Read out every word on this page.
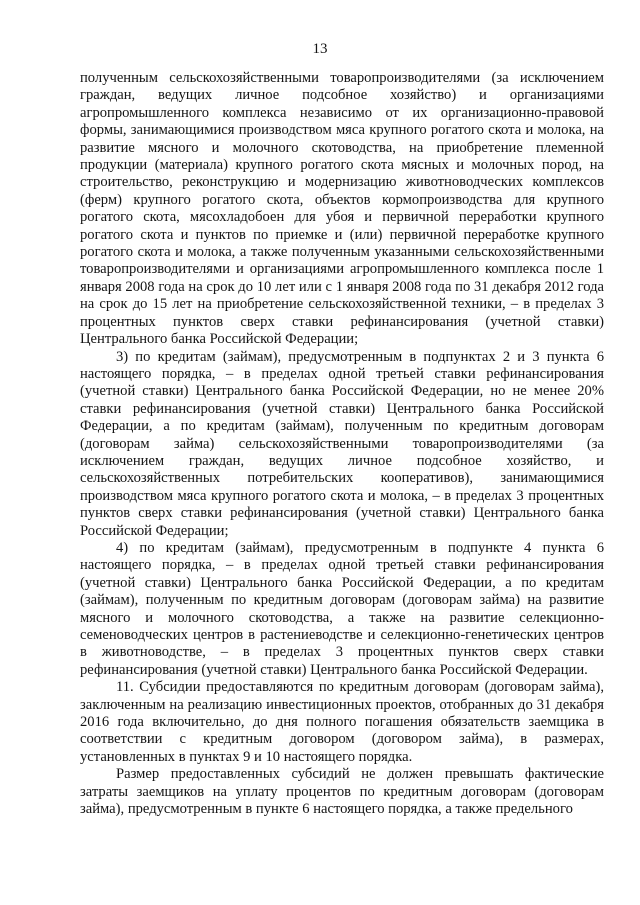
13

полученным сельскохозяйственными товаропроизводителями (за исключением граждан, ведущих личное подсобное хозяйство) и организациями агропромышленного комплекса независимо от их организационно-правовой формы, занимающимися производством мяса крупного рогатого скота и молока, на развитие мясного и молочного скотоводства, на приобретение племенной продукции (материала) крупного рогатого скота мясных и молочных пород, на строительство, реконструкцию и модернизацию животноводческих комплексов (ферм) крупного рогатого скота, объектов кормопроизводства для крупного рогатого скота, мясохладобоен для убоя и первичной переработки крупного рогатого скота и пунктов по приемке и (или) первичной переработке крупного рогатого скота и молока, а также полученным указанными сельскохозяйственными товаропроизводителями и организациями агропромышленного комплекса после 1 января 2008 года на срок до 10 лет или с 1 января 2008 года по 31 декабря 2012 года на срок до 15 лет на приобретение сельскохозяйственной техники, – в пределах 3 процентных пунктов сверх ставки рефинансирования (учетной ставки) Центрального банка Российской Федерации;

3) по кредитам (займам), предусмотренным в подпунктах 2 и 3 пункта 6 настоящего порядка, – в пределах одной третьей ставки рефинансирования (учетной ставки) Центрального банка Российской Федерации, но не менее 20% ставки рефинансирования (учетной ставки) Центрального банка Российской Федерации, а по кредитам (займам), полученным по кредитным договорам (договорам займа) сельскохозяйственными товаропроизводителями (за исключением граждан, ведущих личное подсобное хозяйство, и сельскохозяйственных потребительских кооперативов), занимающимися производством мяса крупного рогатого скота и молока, – в пределах 3 процентных пунктов сверх ставки рефинансирования (учетной ставки) Центрального банка Российской Федерации;

4) по кредитам (займам), предусмотренным в подпункте 4 пункта 6 настоящего порядка, – в пределах одной третьей ставки рефинансирования (учетной ставки) Центрального банка Российской Федерации, а по кредитам (займам), полученным по кредитным договорам (договорам займа) на развитие мясного и молочного скотоводства, а также на развитие селекционно-семеноводческих центров в растениеводстве и селекционно-генетических центров в животноводстве, – в пределах 3 процентных пунктов сверх ставки рефинансирования (учетной ставки) Центрального банка Российской Федерации.

11. Субсидии предоставляются по кредитным договорам (договорам займа), заключенным на реализацию инвестиционных проектов, отобранных до 31 декабря 2016 года включительно, до дня полного погашения обязательств заемщика в соответствии с кредитным договором (договором займа), в размерах, установленных в пунктах 9 и 10 настоящего порядка.

Размер предоставленных субсидий не должен превышать фактические затраты заемщиков на уплату процентов по кредитным договорам (договорам займа), предусмотренным в пункте 6 настоящего порядка, а также предельного
